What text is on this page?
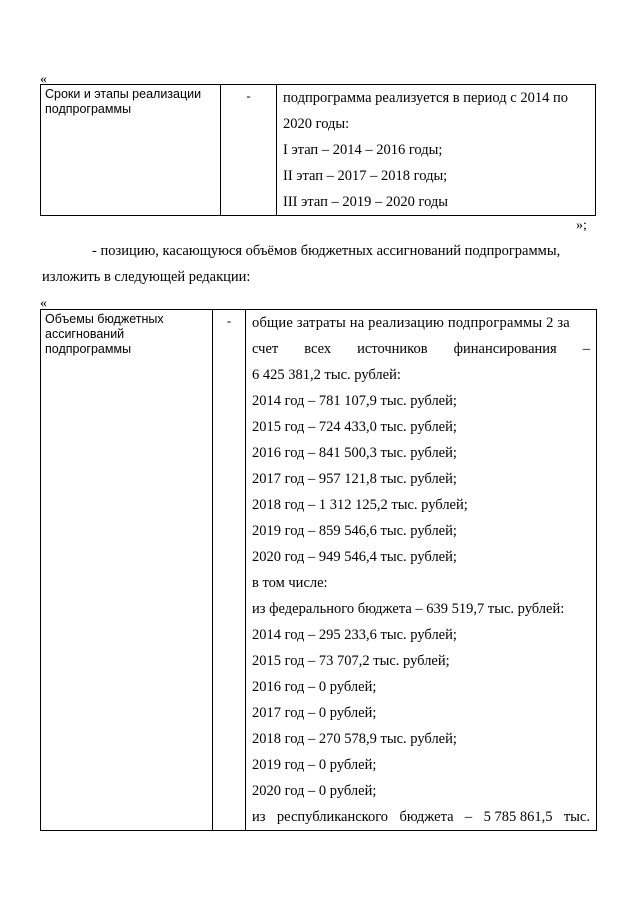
«
Сроки и этапы реализации подпрограммы	-	подпрограмма реализуется в период с 2014 по
2020 годы:
I этап – 2014 – 2016 годы;
II этап – 2017 – 2018 годы;
III этап – 2019 – 2020 годы
»;
- позицию, касающуюся объёмов бюджетных ассигнований подпрограммы,
изложить в следующей редакции:
«
Объемы бюджетных ассигнований подпрограммы	-	общие затраты на реализацию подпрограммы 2 за
счет всех источников финансирования –
6 425 381,2 тыс. рублей:
2014 год – 781 107,9 тыс. рублей;
2015 год – 724 433,0 тыс. рублей;
2016 год – 841 500,3 тыс. рублей;
2017 год – 957 121,8 тыс. рублей;
2018 год – 1 312 125,2 тыс. рублей;
2019 год – 859 546,6 тыс. рублей;
2020 год – 949 546,4 тыс. рублей;
в том числе:
из федерального бюджета – 639 519,7 тыс. рублей:
2014 год – 295 233,6 тыс. рублей;
2015 год – 73 707,2 тыс. рублей;
2016 год – 0 рублей;
2017 год – 0 рублей;
2018 год – 270 578,9 тыс. рублей;
2019 год – 0 рублей;
2020 год – 0 рублей;
из республиканского бюджета – 5 785 861,5 тыс.
